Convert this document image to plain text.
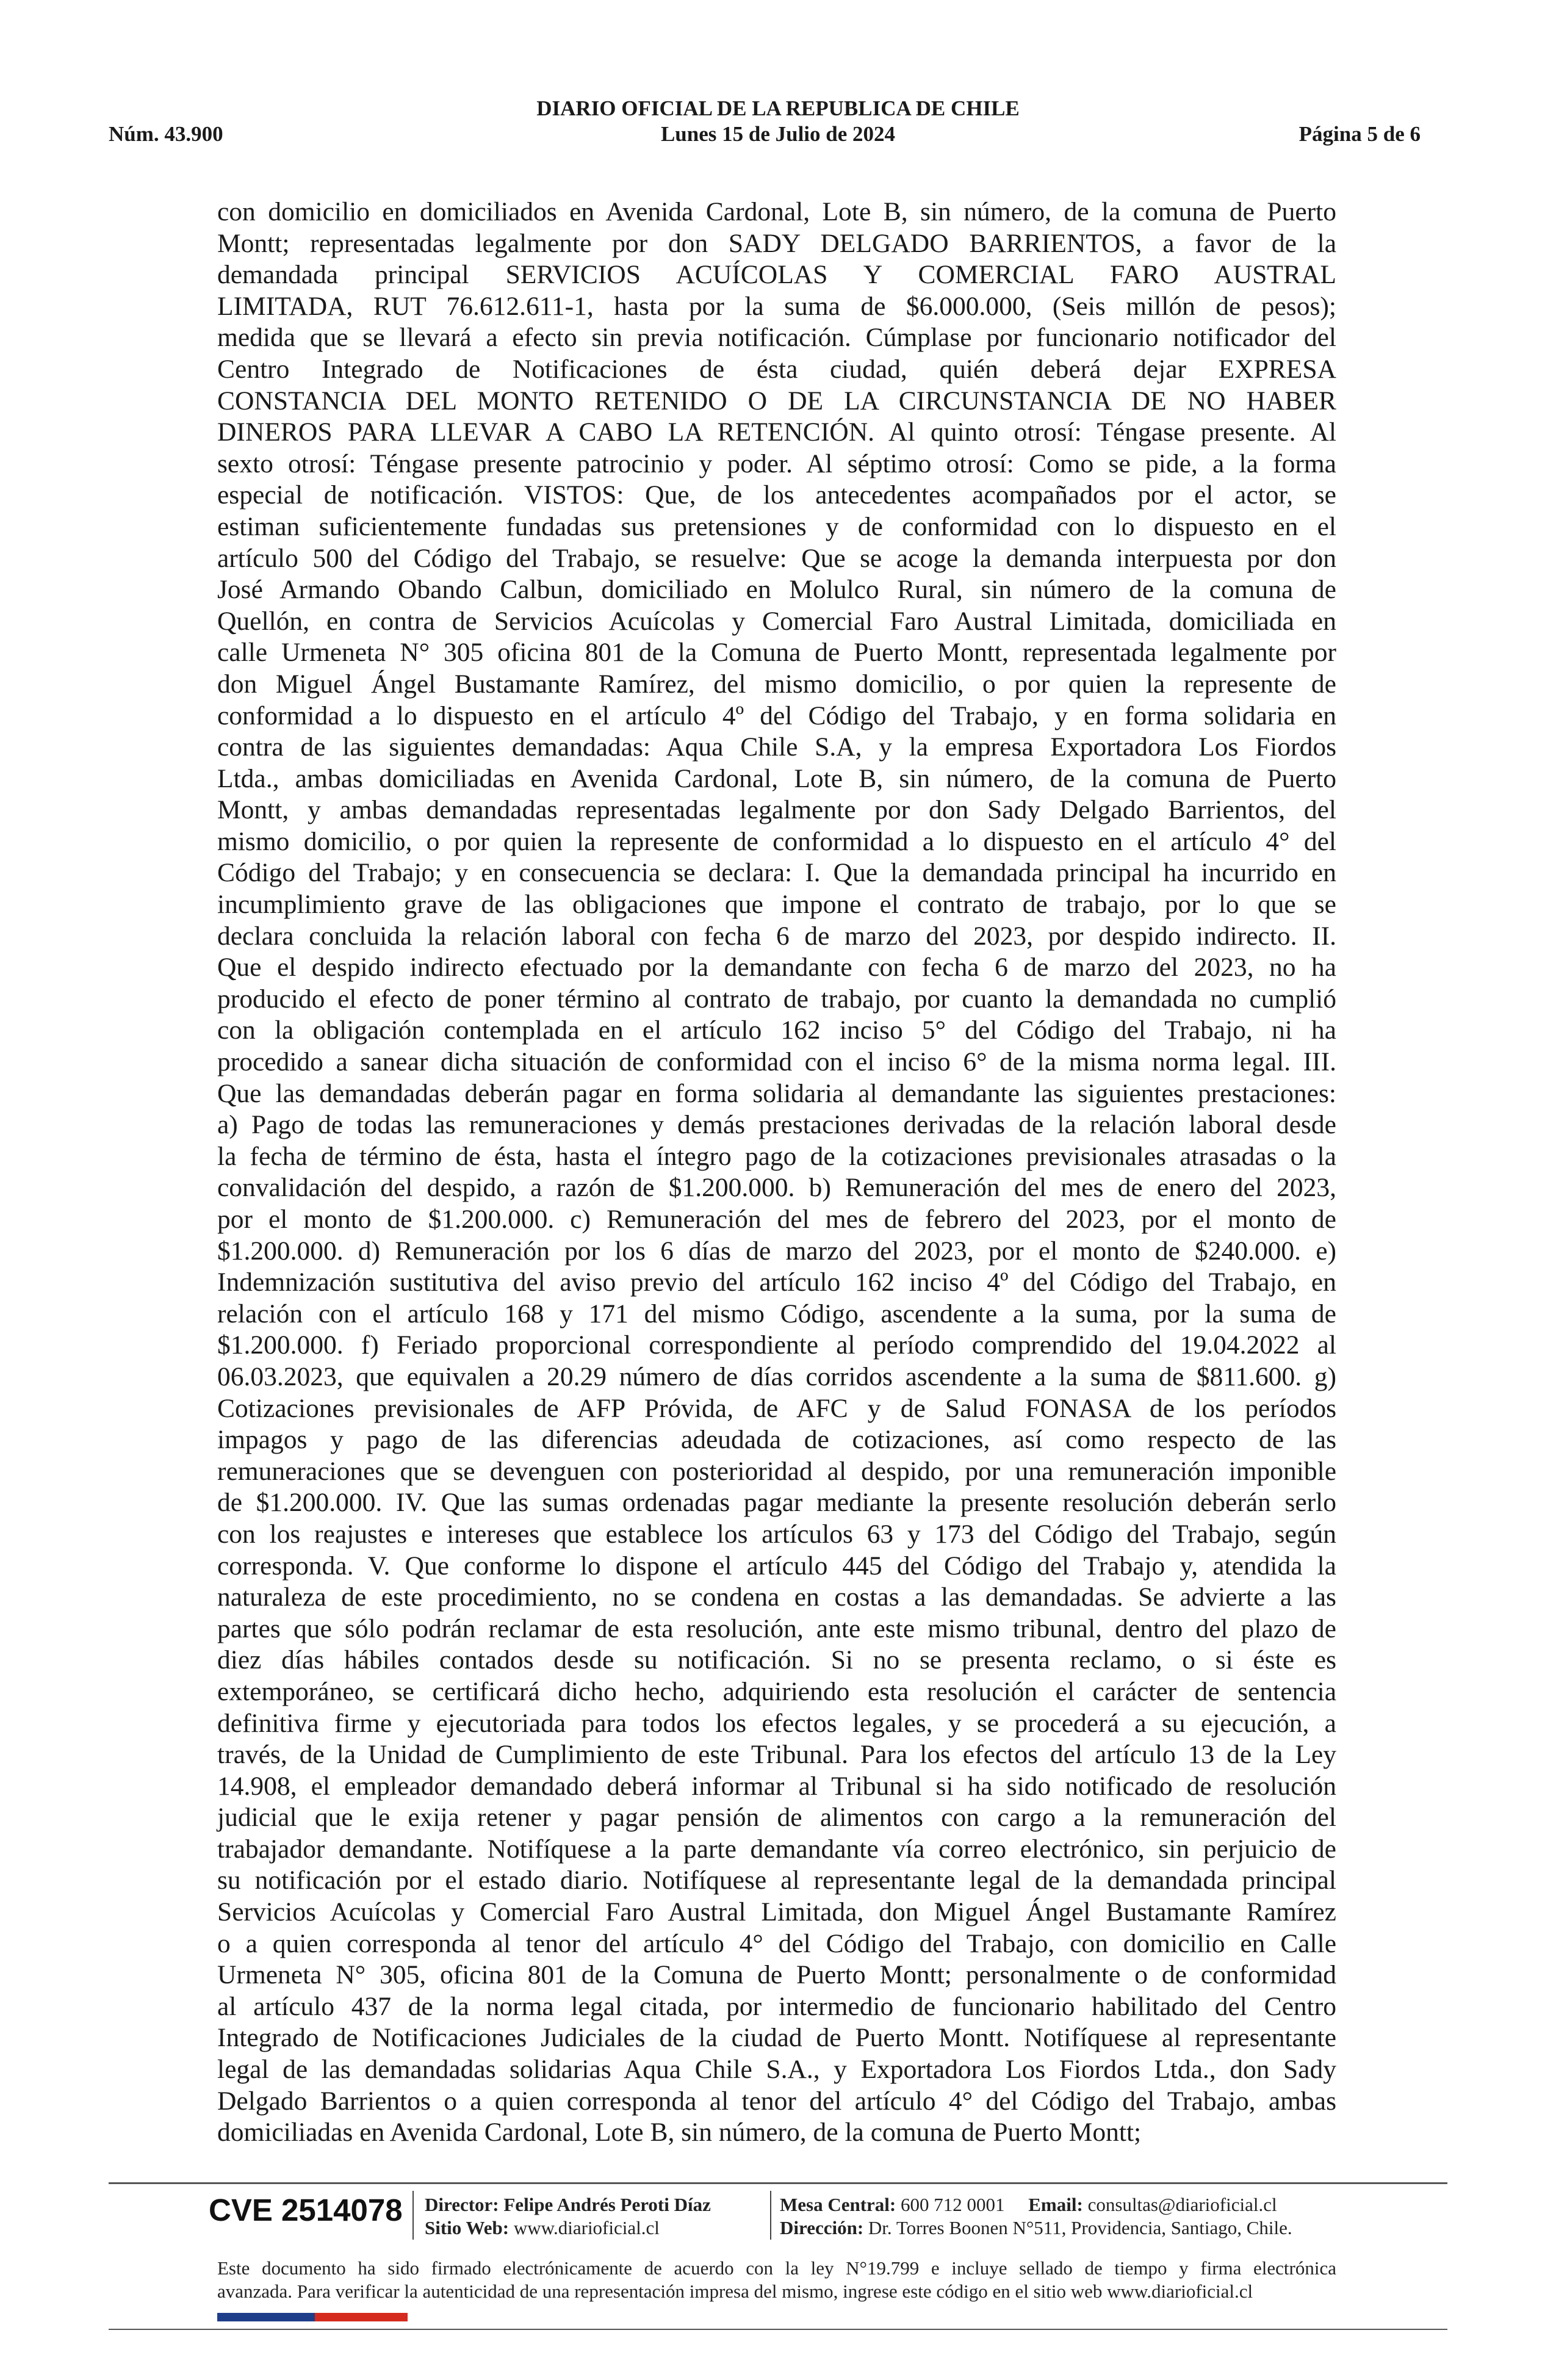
DIARIO OFICIAL DE LA REPUBLICA DE CHILE
Núm. 43.900	Lunes 15 de Julio de 2024	Página 5 de 6
con domicilio en domiciliados en Avenida Cardonal, Lote B, sin número, de la comuna de Puerto
Montt; representadas legalmente por don SADY DELGADO BARRIENTOS, a favor de la
demandada principal SERVICIOS ACUÍCOLAS Y COMERCIAL FARO AUSTRAL
LIMITADA, RUT 76.612.611-1, hasta por la suma de $6.000.000, (Seis millón de pesos);
medida que se llevará a efecto sin previa notificación. Cúmplase por funcionario notificador del
Centro Integrado de Notificaciones de ésta ciudad, quién deberá dejar EXPRESA
CONSTANCIA DEL MONTO RETENIDO O DE LA CIRCUNSTANCIA DE NO HABER
DINEROS PARA LLEVAR A CABO LA RETENCIÓN. Al quinto otrosí: Téngase presente. Al
sexto otrosí: Téngase presente patrocinio y poder. Al séptimo otrosí: Como se pide, a la forma
especial de notificación. VISTOS: Que, de los antecedentes acompañados por el actor, se
estiman suficientemente fundadas sus pretensiones y de conformidad con lo dispuesto en el
artículo 500 del Código del Trabajo, se resuelve: Que se acoge la demanda interpuesta por don
José Armando Obando Calbun, domiciliado en Molulco Rural, sin número de la comuna de
Quellón, en contra de Servicios Acuícolas y Comercial Faro Austral Limitada, domiciliada en
calle Urmeneta N° 305 oficina 801 de la Comuna de Puerto Montt, representada legalmente por
don Miguel Ángel Bustamante Ramírez, del mismo domicilio, o por quien la represente de
conformidad a lo dispuesto en el artículo 4º del Código del Trabajo, y en forma solidaria en
contra de las siguientes demandadas: Aqua Chile S.A, y la empresa Exportadora Los Fiordos
Ltda., ambas domiciliadas en Avenida Cardonal, Lote B, sin número, de la comuna de Puerto
Montt, y ambas demandadas representadas legalmente por don Sady Delgado Barrientos, del
mismo domicilio, o por quien la represente de conformidad a lo dispuesto en el artículo 4° del
Código del Trabajo; y en consecuencia se declara: I. Que la demandada principal ha incurrido en
incumplimiento grave de las obligaciones que impone el contrato de trabajo, por lo que se
declara concluida la relación laboral con fecha 6 de marzo del 2023, por despido indirecto. II.
Que el despido indirecto efectuado por la demandante con fecha 6 de marzo del 2023, no ha
producido el efecto de poner término al contrato de trabajo, por cuanto la demandada no cumplió
con la obligación contemplada en el artículo 162 inciso 5° del Código del Trabajo, ni ha
procedido a sanear dicha situación de conformidad con el inciso 6° de la misma norma legal. III.
Que las demandadas deberán pagar en forma solidaria al demandante las siguientes prestaciones:
a) Pago de todas las remuneraciones y demás prestaciones derivadas de la relación laboral desde
la fecha de término de ésta, hasta el íntegro pago de la cotizaciones previsionales atrasadas o la
convalidación del despido, a razón de $1.200.000. b) Remuneración del mes de enero del 2023,
por el monto de $1.200.000. c) Remuneración del mes de febrero del 2023, por el monto de
$1.200.000. d) Remuneración por los 6 días de marzo del 2023, por el monto de $240.000. e)
Indemnización sustitutiva del aviso previo del artículo 162 inciso 4º del Código del Trabajo, en
relación con el artículo 168 y 171 del mismo Código, ascendente a la suma, por la suma de
$1.200.000. f) Feriado proporcional correspondiente al período comprendido del 19.04.2022 al
06.03.2023, que equivalen a 20.29 número de días corridos ascendente a la suma de $811.600. g)
Cotizaciones previsionales de AFP Próvida, de AFC y de Salud FONASA de los períodos
impagos y pago de las diferencias adeudada de cotizaciones, así como respecto de las
remuneraciones que se devenguen con posterioridad al despido, por una remuneración imponible
de $1.200.000. IV. Que las sumas ordenadas pagar mediante la presente resolución deberán serlo
con los reajustes e intereses que establece los artículos 63 y 173 del Código del Trabajo, según
corresponda. V. Que conforme lo dispone el artículo 445 del Código del Trabajo y, atendida la
naturaleza de este procedimiento, no se condena en costas a las demandadas. Se advierte a las
partes que sólo podrán reclamar de esta resolución, ante este mismo tribunal, dentro del plazo de
diez días hábiles contados desde su notificación. Si no se presenta reclamo, o si éste es
extemporáneo, se certificará dicho hecho, adquiriendo esta resolución el carácter de sentencia
definitiva firme y ejecutoriada para todos los efectos legales, y se procederá a su ejecución, a
través, de la Unidad de Cumplimiento de este Tribunal. Para los efectos del artículo 13 de la Ley
14.908, el empleador demandado deberá informar al Tribunal si ha sido notificado de resolución
judicial que le exija retener y pagar pensión de alimentos con cargo a la remuneración del
trabajador demandante. Notifíquese a la parte demandante vía correo electrónico, sin perjuicio de
su notificación por el estado diario. Notifíquese al representante legal de la demandada principal
Servicios Acuícolas y Comercial Faro Austral Limitada, don Miguel Ángel Bustamante Ramírez
o a quien corresponda al tenor del artículo 4° del Código del Trabajo, con domicilio en Calle
Urmeneta N° 305, oficina 801 de la Comuna de Puerto Montt; personalmente o de conformidad
al artículo 437 de la norma legal citada, por intermedio de funcionario habilitado del Centro
Integrado de Notificaciones Judiciales de la ciudad de Puerto Montt. Notifíquese al representante
legal de las demandadas solidarias Aqua Chile S.A., y Exportadora Los Fiordos Ltda., don Sady
Delgado Barrientos o a quien corresponda al tenor del artículo 4° del Código del Trabajo, ambas
domiciliadas en Avenida Cardonal, Lote B, sin número, de la comuna de Puerto Montt;
CVE 2514078 Director: Felipe Andrés Peroti Díaz
Sitio Web: www.diarioficial.cl
Mesa Central: 600 712 0001 Email: consultas@diarioficial.cl
Dirección: Dr. Torres Boonen N°511, Providencia, Santiago, Chile.
Este documento ha sido firmado electrónicamente de acuerdo con la ley N°19.799 e incluye sellado de tiempo y firma electrónica
avanzada. Para verificar la autenticidad de una representación impresa del mismo, ingrese este código en el sitio web www.diarioficial.cl
